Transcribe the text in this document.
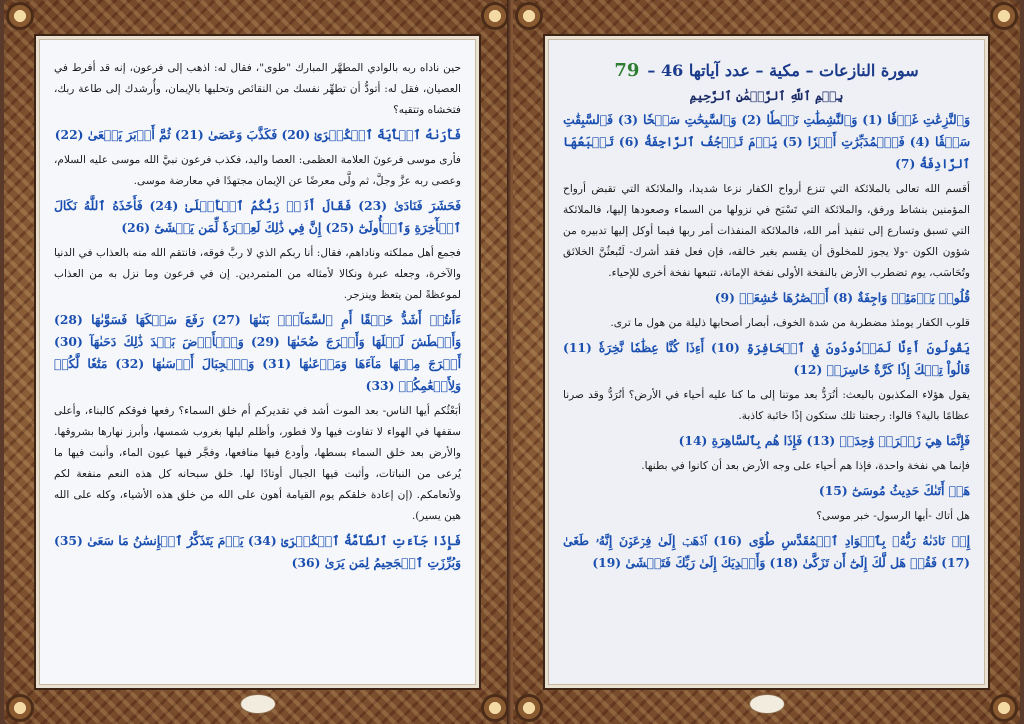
حين ناداه ربه بالوادي المطهَّر المبارك "طوى"، فقال له: اذهب إلى فرعون، إنه قد أفرط في العصيان، فقل له: أتودُّ أن تطهِّر نفسك من النقائص وتحليها بالإيمان، وأُرشدك إلى طاعة ربك، فتخشاه وتتقيه؟

فَأَرَىٰهُ ٱلۡأٓيَةَ ٱلۡكُبۡرَىٰ (20) فَكَذَّبَ وَعَصَىٰ (21) ثُمَّ أَدۡبَرَ يَسۡعَىٰ (22)

فأرى موسى فرعونَ العلامة العظمى: العصا واليد، فكذب فرعون نبيَّ الله موسى عليه السلام، وعصى ربه عزَّ وجلَّ، ثم ولَّى معرضًا عن الإيمان مجتهدًا في معارضة موسى.

فَحَشَرَ فَنَادَىٰ (23) فَقَالَ أَنَا۠ رَبُّكُمُ ٱلۡأَعۡلَىٰ (24) فَأَخَذَهُ ٱللَّهُ نَكَالَ ٱلۡأٓخِرَةِ وَٱلۡأُولَىٰٓ (25) إِنَّ فِي ذَٰلِكَ لَعِبۡرَةٗ لِّمَن يَخۡشَىٰٓ (26)

فجمع أهل مملكته وناداهم، فقال: أنا ربكم الذي لا ربَّ فوقه، فانتقم الله منه بالعذاب في الدنيا والآخرة، وجعله عبرة ونكالا لأمثاله من المتمردين. إن في فرعون وما نزل به من العذاب لموعظةً لمن يتعظ وينزجر.

ءَأَنتُمۡ أَشَدُّ خَلۡقًا أَمِ ٱلسَّمَآءُۚ بَنَىٰهَا (27) رَفَعَ سَمۡكَهَا فَسَوَّىٰهَا (28) وَأَغۡطَشَ لَيۡلَهَا وَأَخۡرَجَ ضُحَىٰهَا (29) وَٱلۡأَرۡضَ بَعۡدَ ذَٰلِكَ دَحَىٰهَآ (30) أَخۡرَجَ مِنۡهَا مَآءَهَا وَمَرۡعَىٰهَا (31) وَٱلۡجِبَالَ أَرۡسَىٰهَا (32) مَتَٰعٗا لَّكُمۡ وَلِأَنۡعَٰمِكُمۡ (33)

أبَعْثُكم أيها الناس- بعد الموت أشد في تقديركم أم خلق السماء؟ رفعها فوقكم كالبناء، وأعلى سقفها في الهواء لا تفاوت فيها ولا فطور، وأظلم ليلها بغروب شمسها، وأبرز نهارها بشروقها. والأرض بعد خلق السماء بسطها، وأودع فيها منافعها، وفجَّر فيها عيون الماء، وأنبت فيها ما يُرعى من النباتات، وأثبت فيها الجبال أوتادًا لها. خلق سبحانه كل هذه النعم منفعة لكم ولأنعامكم. (إن إعادة خلقكم يوم القيامة أهون على الله من خلق هذه الأشياء، وكله على الله هين يسير).

فَإِذَا جَآءَتِ ٱلطَّآمَّةُ ٱلۡكُبۡرَىٰ (34) يَوۡمَ يَتَذَكَّرُ ٱلۡإِنسَٰنُ مَا سَعَىٰ (35) وَبُرِّزَتِ ٱلۡجَحِيمُ لِمَن يَرَىٰ (36)

سورة النازعات – مكية – عدد آياتها 46 –
79
بِسۡمِ ٱللَّهِ ٱلرَّحۡمَٰنِ ٱلرَّحِيمِ

وَٱلنَّٰزِعَٰتِ غَرۡقٗا (1) وَٱلنَّٰشِطَٰتِ نَشۡطٗا (2) وَٱلسَّٰبِحَٰتِ سَبۡحٗا (3) فَٱلسَّٰبِقَٰتِ سَبۡقٗا (4) فَٱلۡمُدَبِّرَٰتِ أَمۡرٗا (5) يَوۡمَ تَرۡجُفُ ٱلرَّاجِفَةُ (6) تَتۡبَعُهَا ٱلرَّادِفَةُ (7)

أقسم الله تعالى بالملائكة التي تنزع أرواح الكفار نزعا شديدا، والملائكة التي تقبض أرواح المؤمنين بنشاط ورفق، والملائكة التي تَسْبَح في نزولها من السماء وصعودها إليها، فالملائكة التي تسبق وتسارع إلى تنفيذ أمر الله، فالملائكة المنفذات أمر ربها فيما أوكل إليها تدبيره من شؤون الكون -ولا يجوز للمخلوق أن يقسم بغير خالقه، فإن فعل فقد أشرك- لَتُبعثُنَّ الخلائق وتُحَاسَب، يوم تضطرب الأرض بالنفخة الأولى نفخة الإماتة، تتبعها نفخة أخرى للإحياء.

قُلُوبٞ يَوۡمَئِذٖ وَاجِفَةٌ (8) أَبۡصَٰرُهَا خَٰشِعَةٞ (9)

قلوب الكفار يومئذ مضطربة من شدة الخوف، أبصار أصحابها ذليلة من هول ما ترى.

يَقُولُونَ أَءِنَّا لَمَرۡدُودُونَ فِي ٱلۡحَافِرَةِ (10) أَءِذَا كُنَّا عِظَٰمٗا نَّخِرَةٗ (11) قَالُواْ تِلۡكَ إِذٗا كَرَّةٌ خَاسِرَةٞ (12)

يقول هؤلاء المكذبون بالبعث: أنُرَدُّ بعد موتنا إلى ما كنا عليه أحياء في الأرض؟ أنُرَدُّ وقد صرنا عظامًا بالية؟ قالوا: رجعتنا تلك ستكون إذًا خائبة كاذبة.

فَإِنَّمَا هِيَ زَجۡرَةٞ وَٰحِدَةٞ (13) فَإِذَا هُم بِٱلسَّاهِرَةِ (14)

فإنما هي نفخة واحدة، فإذا هم أحياء على وجه الأرض بعد أن كانوا في بطنها.

هَلۡ أَتَىٰكَ حَدِيثُ مُوسَىٰٓ (15)

هل أتاك -أيها الرسول- خبر موسى؟

إِذۡ نَادَىٰهُ رَبُّهُۥ بِٱلۡوَادِ ٱلۡمُقَدَّسِ طُوًى (16) ٱذۡهَبۡ إِلَىٰ فِرۡعَوۡنَ إِنَّهُۥ طَغَىٰ (17) فَقُلۡ هَل لَّكَ إِلَىٰٓ أَن تَزَكَّىٰ (18) وَأَهۡدِيَكَ إِلَىٰ رَبِّكَ فَتَخۡشَىٰ (19)
